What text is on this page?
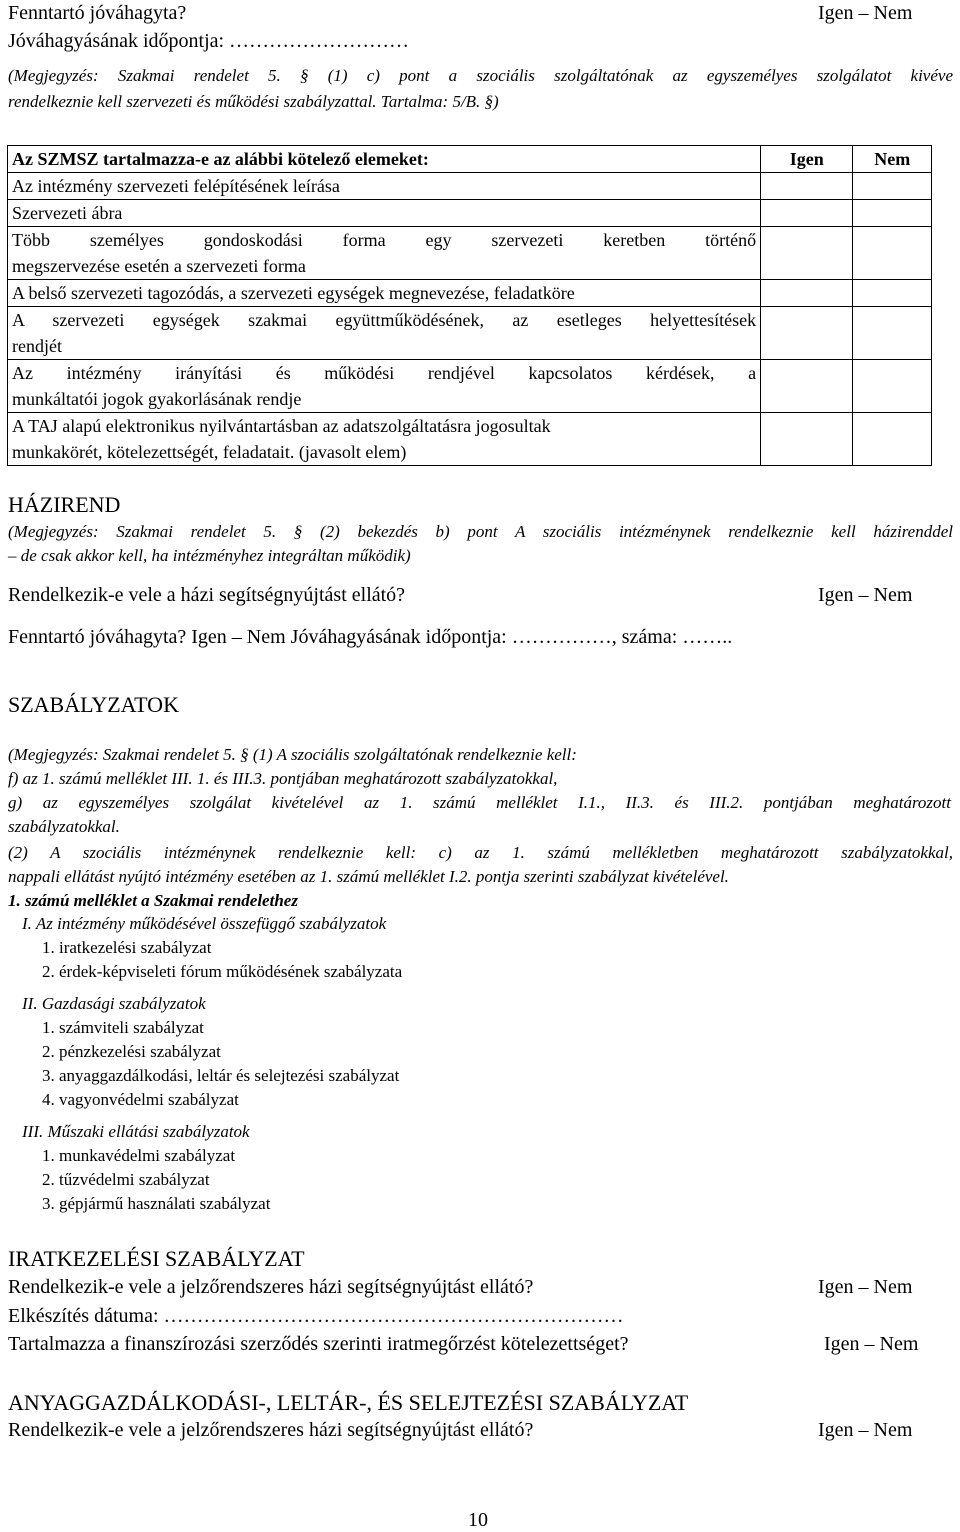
Fenntartó jóváhagyta?	Igen – Nem
Jóváhagyásának időpontja: ………………………
(Megjegyzés: Szakmai rendelet 5. § (1) c) pont a szociális szolgáltatónak az egyszemélyes szolgálatot kivéve
rendelkeznie kell szervezeti és működési szabályzattal. Tartalma: 5/B. §)
Az SZMSZ tartalmazza-e az alábbi kötelező elemeket:	Igen	Nem
Az intézmény szervezeti felépítésének leírása		
Szervezeti ábra		

Több személyes gondoskodási forma egy szervezeti keretben történő
megszervezése esetén a szervezeti forma		

A belső szervezeti tagozódás, a szervezeti egységek megnevezése, feladatköre		

A szervezeti egységek szakmai együttműködésének, az esetleges helyettesítések
rendjét		

Az intézmény irányítási és működési rendjével kapcsolatos kérdések, a
munkáltatói jogok gyakorlásának rendje		

A TAJ alapú elektronikus nyilvántartásban az adatszolgáltatásra jogosultak
munkakörét, kötelezettségét, feladatait. (javasolt elem)		

HÁZIREND
(Megjegyzés: Szakmai rendelet 5. § (2) bekezdés b) pont A szociális intézménynek rendelkeznie kell házirenddel
– de csak akkor kell, ha intézményhez integráltan működik)
Rendelkezik-e vele a házi segítségnyújtást ellátó?	Igen – Nem
Fenntartó jóváhagyta? Igen – Nem Jóváhagyásának időpontja: ……………, száma: ……..
SZABÁLYZATOK
(Megjegyzés: Szakmai rendelet 5. § (1) A szociális szolgáltatónak rendelkeznie kell:
f) az 1. számú melléklet III. 1. és III.3. pontjában meghatározott szabályzatokkal,
g) az egyszemélyes szolgálat kivételével az 1. számú melléklet I.1., II.3. és III.2. pontjában meghatározott
szabályzatokkal.
(2) A szociális intézménynek rendelkeznie kell: c) az 1. számú mellékletben meghatározott szabályzatokkal,
nappali ellátást nyújtó intézmény esetében az 1. számú melléklet I.2. pontja szerinti szabályzat kivételével.
1. számú melléklet a Szakmai rendelethez
I. Az intézmény működésével összefüggő szabályzatok
1. iratkezelési szabályzat
2. érdek-képviseleti fórum működésének szabályzata
II. Gazdasági szabályzatok
1. számviteli szabályzat
2. pénzkezelési szabályzat
3. anyaggazdálkodási, leltár és selejtezési szabályzat
4. vagyonvédelmi szabályzat
III. Műszaki ellátási szabályzatok
1. munkavédelmi szabályzat
2. tűzvédelmi szabályzat
3. gépjármű használati szabályzat
IRATKEZELÉSI SZABÁLYZAT
Rendelkezik-e vele a jelzőrendszeres házi segítségnyújtást ellátó?	Igen – Nem
Elkészítés dátuma: ……………………………………………………………
Tartalmazza a finanszírozási szerződés szerinti iratmegőrzést kötelezettséget?	Igen – Nem
ANYAGGAZDÁLKODÁSI-, LELTÁR-, ÉS SELEJTEZÉSI SZABÁLYZAT
Rendelkezik-e vele a jelzőrendszeres házi segítségnyújtást ellátó?	Igen – Nem
10
